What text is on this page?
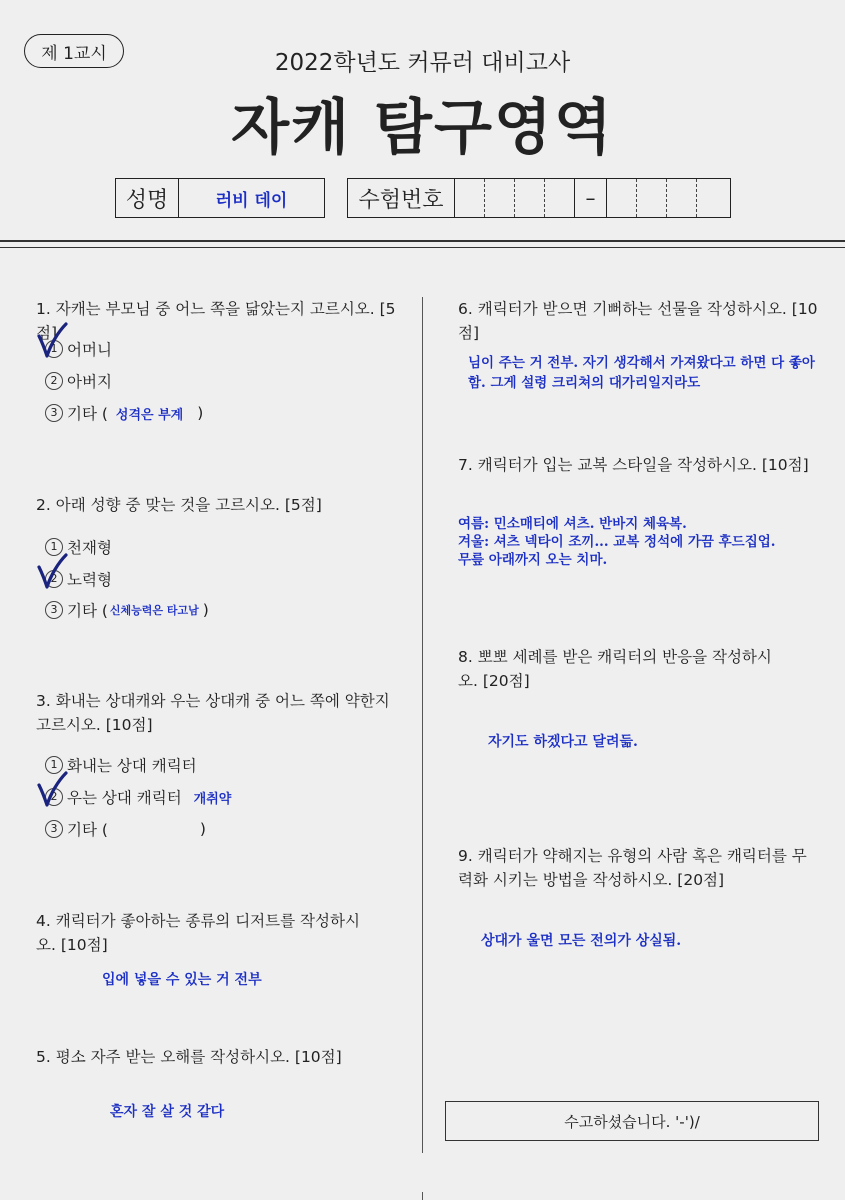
제 1교시	2022학년도 커뮤러 대비고사
자캐 탐구영역
성명	러비 데이	수험번호	–
1. 자캐는 부모님 중 어느 쪽을 닮았는지 고르시오. [5점]
1 어머니
2 아버지
3 기타 ( 성격은 부계 )
2. 아래 성향 중 맞는 것을 고르시오. [5점]
1 천재형
2 노력형
3 기타 ( 신체능력은 타고남 )
3. 화내는 상대캐와 우는 상대캐 중 어느 쪽에 약한지 고르시오. [10점]
1 화내는 상대 캐릭터
2 우는 상대 캐릭터 개취약
3 기타 (	)
4. 캐릭터가 좋아하는 종류의 디저트를 작성하시오. [10점]
입에 넣을 수 있는 거 전부
5. 평소 자주 받는 오해를 작성하시오. [10점]
혼자 잘 살 것 같다
6. 캐릭터가 받으면 기뻐하는 선물을 작성하시오. [10점]
님이 주는 거 전부. 자기 생각해서 가져왔다고 하면 다 좋아함. 그게 설령 크리쳐의 대가리일지라도
7. 캐릭터가 입는 교복 스타일을 작성하시오. [10점]
여름: 민소매티에 셔츠. 반바지 체육복.
겨울: 셔츠 넥타이 조끼... 교복 정석에 가끔 후드집업.
무릎 아래까지 오는 치마.
8. 뽀뽀 세례를 받은 캐릭터의 반응을 작성하시오. [20점]
자기도 하겠다고 달려듦.
9. 캐릭터가 약해지는 유형의 사람 혹은 캐릭터를 무력화 시키는 방법을 작성하시오. [20점]
상대가 울면 모든 전의가 상실됨.
수고하셨습니다. '-')/
